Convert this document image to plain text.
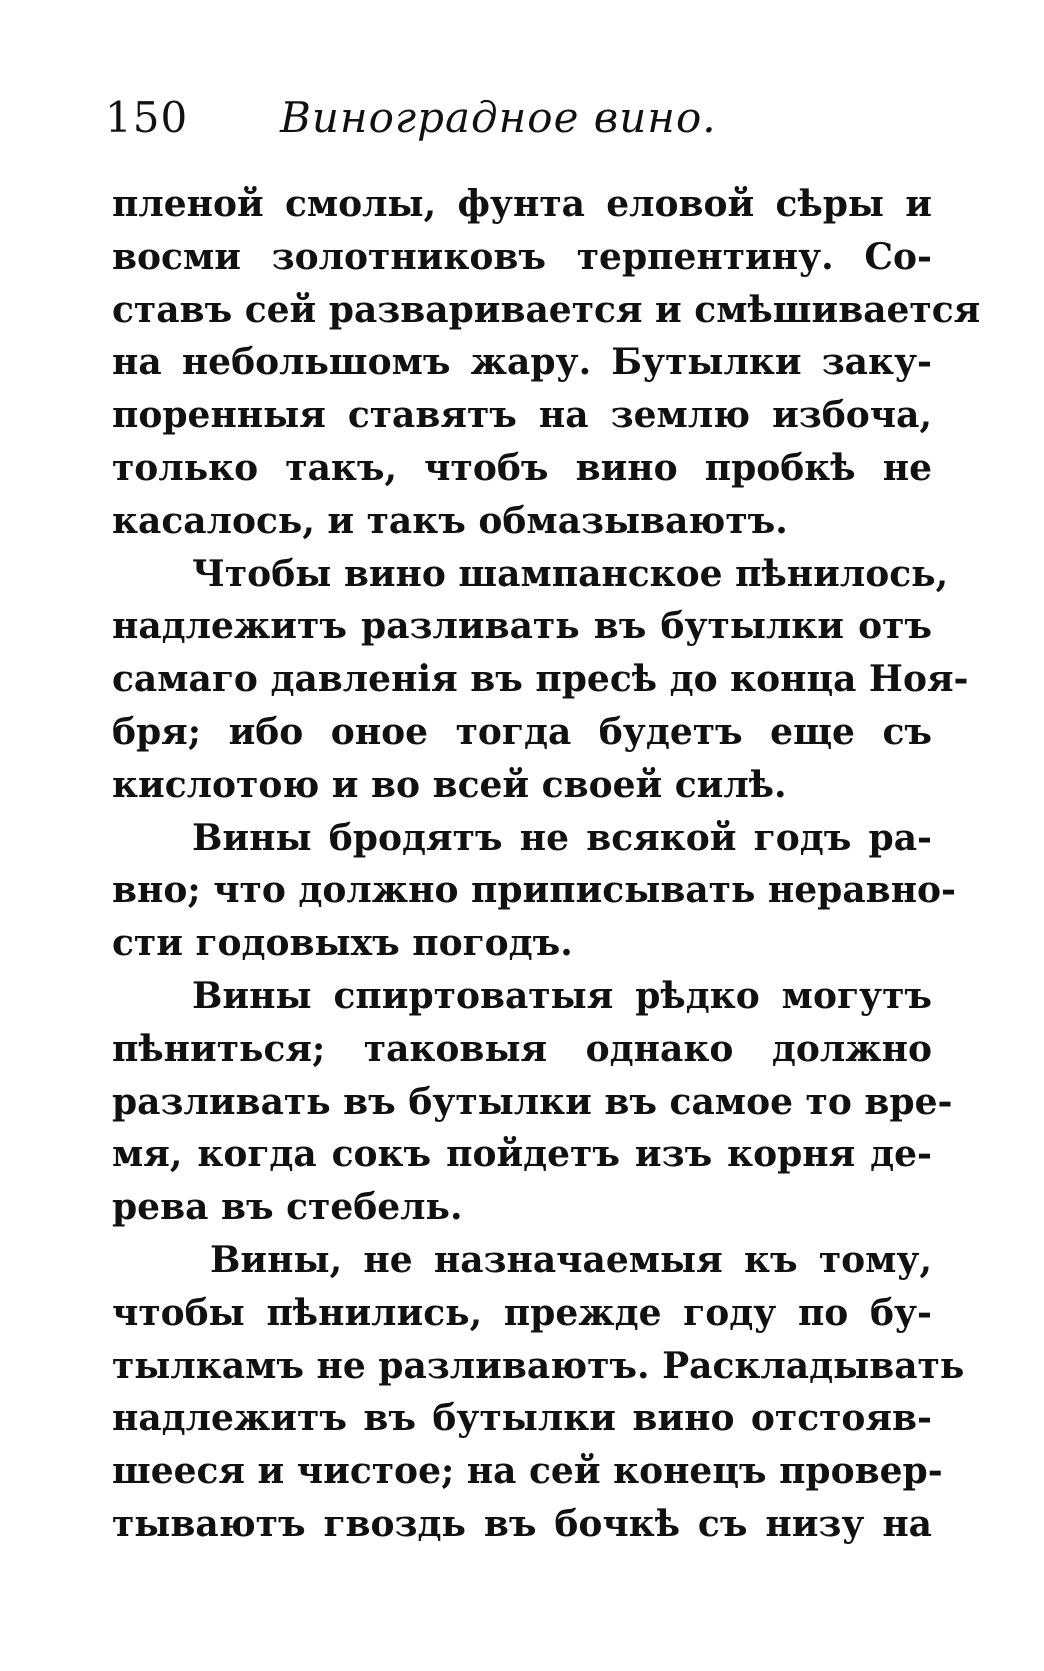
150 Виноградное вино.
пленой смолы, фунта еловой сѣры и
восми золотниковъ терпентину. Со-
ставъ сей развариваетcя и смѣшивается
на небольшомъ жару. Бутылки заку-
поренныя ставятъ на землю избоча,
только такъ, чтобъ вино пробкѣ не
касалось, и такъ обмазываютъ.
Чтобы вино шампанское пѣнилось,
надлежитъ разливать въ бутылки отъ
самаго давленія въ пресѣ до конца Ноя-
бря; ибо оное тогда будетъ еще съ
кислотою и во всей своей силѣ.
Вины бродятъ не всякой годъ ра-
вно; что должно приписывать неравно-
сти годовыхъ погодъ.
Вины спиртоватыя рѣдко могутъ
пѣниться; таковыя однако должно
разливать въ бутылки въ самое то вре-
мя, когда сокъ пойдетъ изъ корня де-
рева въ стебель.
Вины, не назначаемыя къ тому,
чтобы пѣнились, прежде году по бу-
тылкамъ не разливаютъ. Раскладывать
надлежитъ въ бутылки вино отстояв-
шееся и чистое; на сей конецъ провер-
тываютъ гвоздь въ бочкѣ съ низу на
